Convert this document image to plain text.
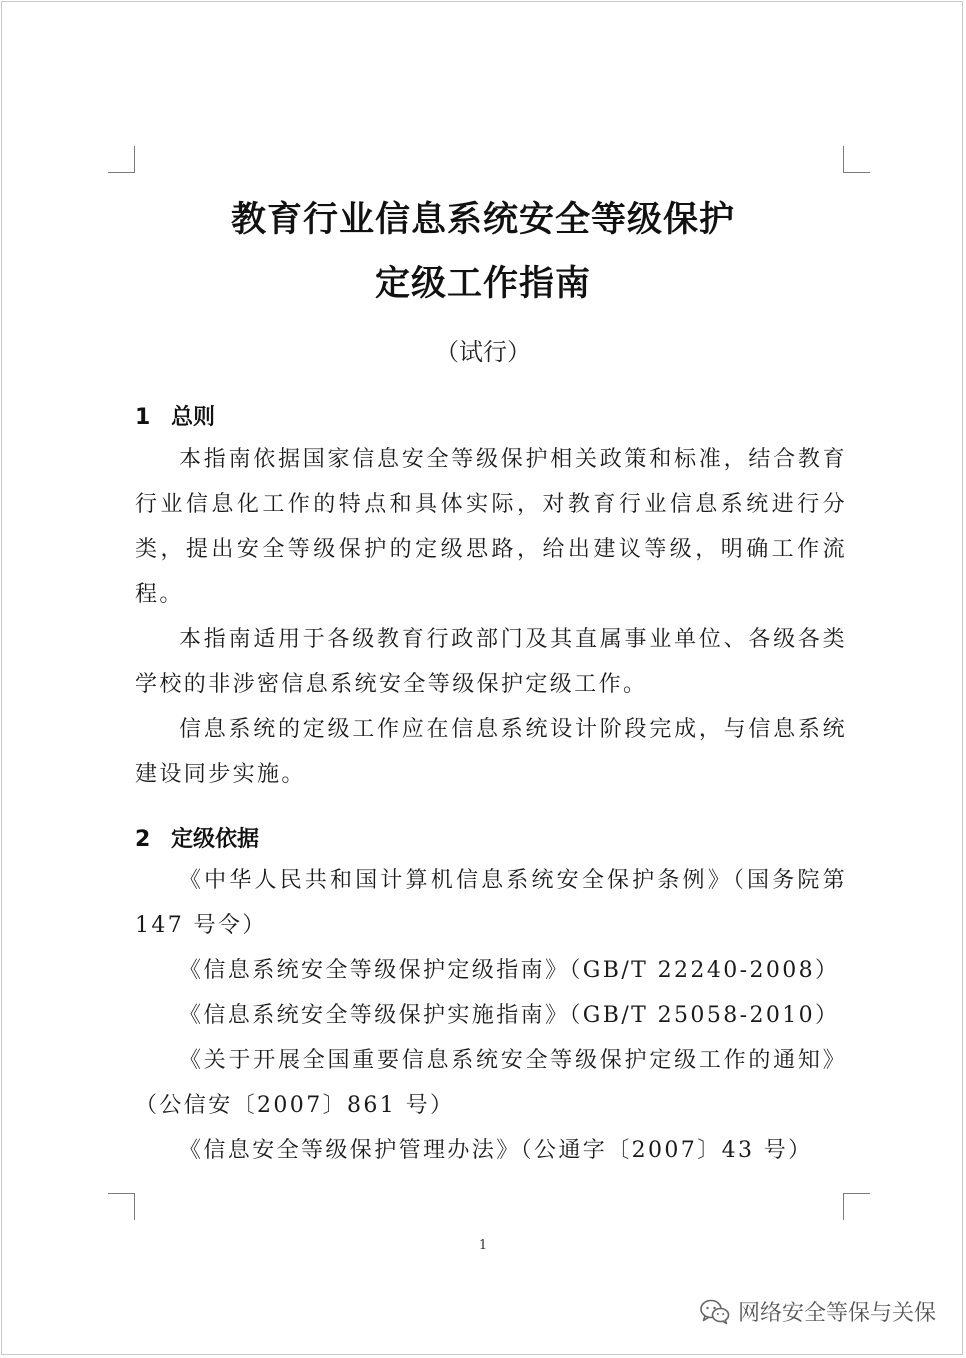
教育行业信息系统安全等级保护
定级工作指南
（试行）
1 总则

本指南依据国家信息安全等级保护相关政策和标准，结合教育行业信息化工作的特点和具体实际，对教育行业信息系统进行分类，提出安全等级保护的定级思路，给出建议等级，明确工作流程。

本指南适用于各级教育行政部门及其直属事业单位、各级各类学校的非涉密信息系统安全等级保护定级工作。

信息系统的定级工作应在信息系统设计阶段完成，与信息系统建设同步实施。

2 定级依据

《中华人民共和国计算机信息系统安全保护条例》（国务院第 147 号令）

《信息系统安全等级保护定级指南》（GB/T 22240-2008）

《信息系统安全等级保护实施指南》（GB/T 25058-2010）

《关于开展全国重要信息系统安全等级保护定级工作的通知》（公信安〔2007〕861 号）

《信息安全等级保护管理办法》（公通字〔2007〕43 号）

1
网络安全等保与关保
